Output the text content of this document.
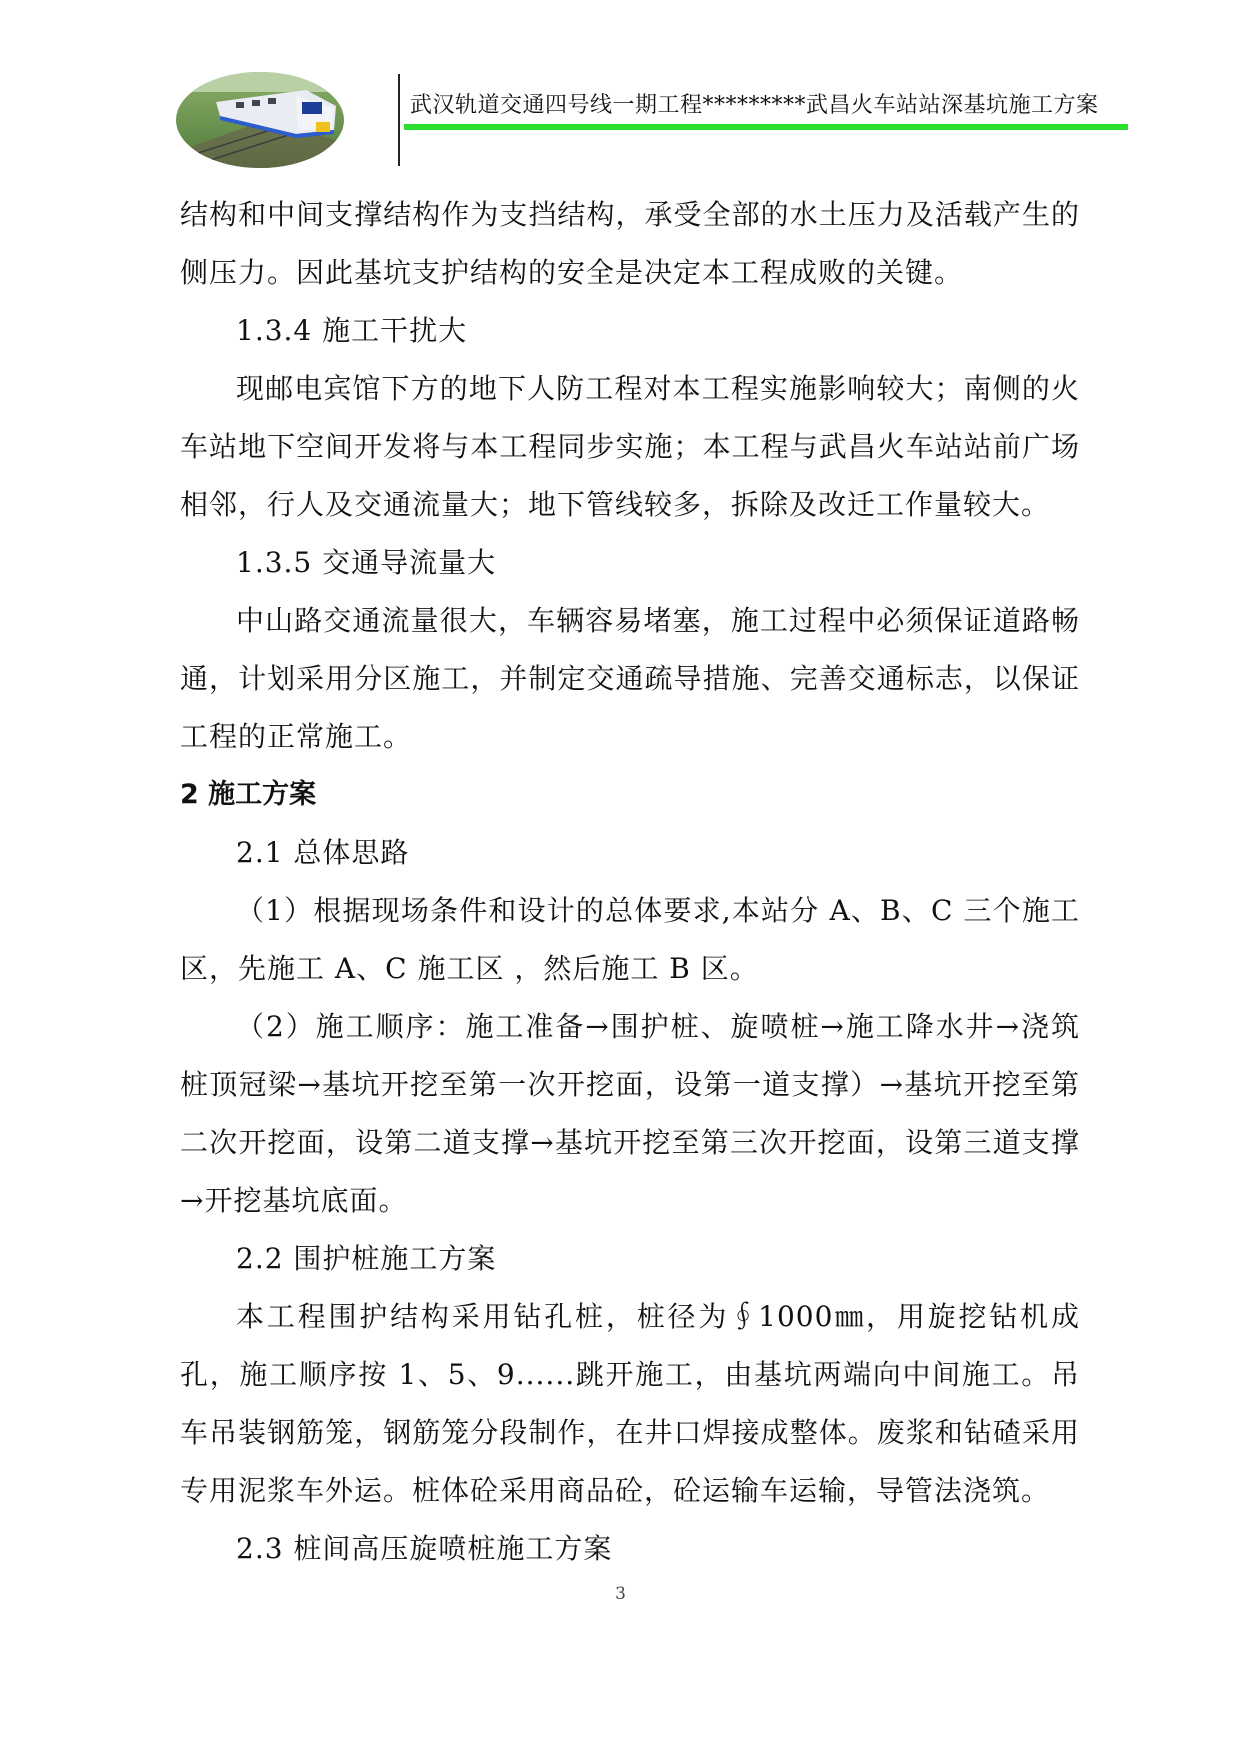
武汉轨道交通四号线一期工程*********武昌火车站站深基坑施工方案

结构和中间支撑结构作为支挡结构，承受全部的水土压力及活载产生的侧压力。因此基坑支护结构的安全是决定本工程成败的关键。

1.3.4 施工干扰大

现邮电宾馆下方的地下人防工程对本工程实施影响较大；南侧的火车站地下空间开发将与本工程同步实施；本工程与武昌火车站站前广场相邻，行人及交通流量大；地下管线较多，拆除及改迁工作量较大。

1.3.5 交通导流量大

中山路交通流量很大，车辆容易堵塞，施工过程中必须保证道路畅通，计划采用分区施工，并制定交通疏导措施、完善交通标志，以保证工程的正常施工。

2 施工方案

2.1 总体思路

（1）根据现场条件和设计的总体要求,本站分 A、B、C 三个施工区，先施工 A、C 施工区 ，然后施工 B 区。

（2）施工顺序：施工准备→围护桩、旋喷桩→施工降水井→浇筑桩顶冠梁→基坑开挖至第一次开挖面，设第一道支撑）→基坑开挖至第二次开挖面，设第二道支撑→基坑开挖至第三次开挖面，设第三道支撑→开挖基坑底面。

2.2 围护桩施工方案

本工程围护结构采用钻孔桩，桩径为∮1000㎜，用旋挖钻机成孔，施工顺序按 1、5、9......跳开施工，由基坑两端向中间施工。吊车吊装钢筋笼，钢筋笼分段制作，在井口焊接成整体。废浆和钻碴采用专用泥浆车外运。桩体砼采用商品砼，砼运输车运输，导管法浇筑。

2.3 桩间高压旋喷桩施工方案

3
